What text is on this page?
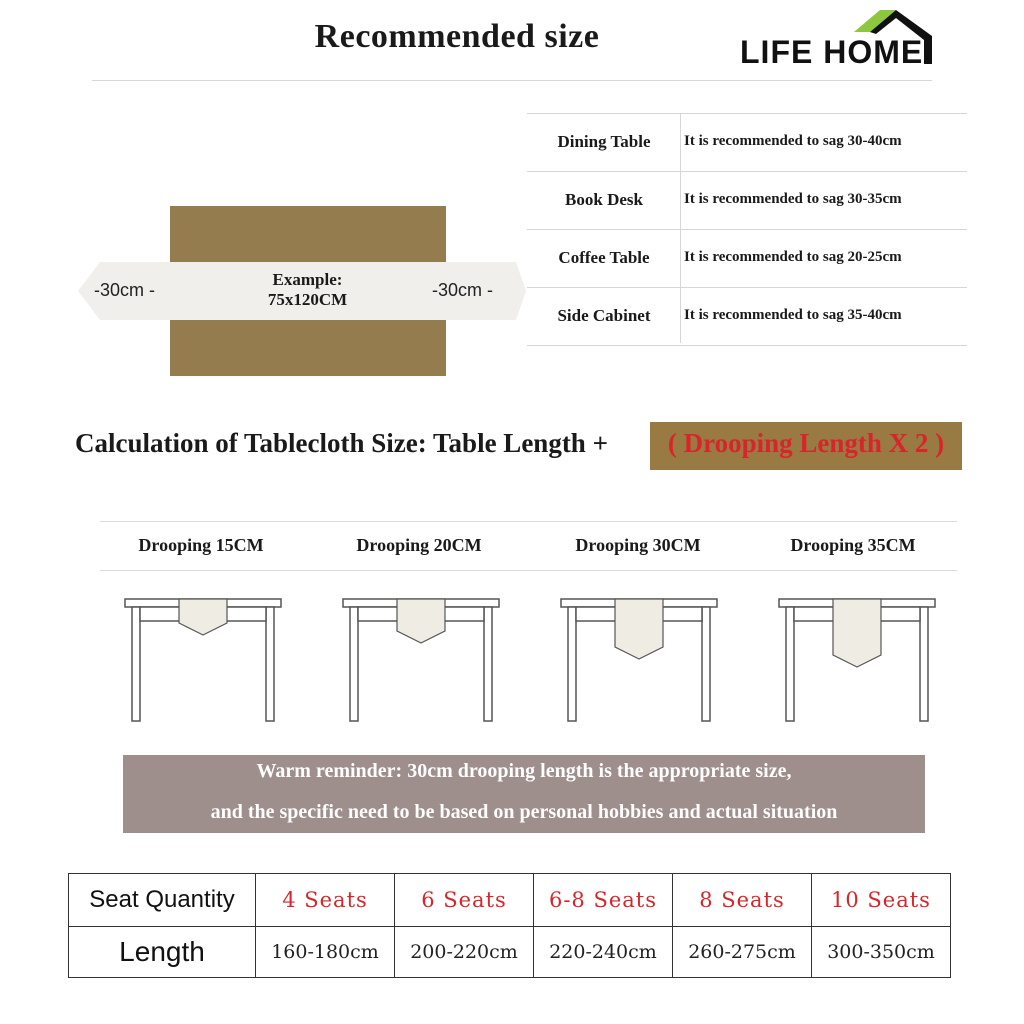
Recommended size	LIFE HOME
Dining Table	It is recommended to sag 30-40cm
Book Desk	It is recommended to sag 30-35cm
Coffee Table	It is recommended to sag 20-25cm
Side Cabinet	It is recommended to sag 35-40cm
-30cm -	-30cm -
Example:
75x120CM
Calculation of Tablecloth Size: Table Length +	( Drooping Length X 2 )
Drooping 15CM	Drooping 20CM	Drooping 30CM	Drooping 35CM
Warm reminder: 30cm drooping length is the appropriate size,
and the specific need to be based on personal hobbies and actual situation
Seat Quantity	4 Seats	6 Seats	6-8 Seats	8 Seats	10 Seats
Length	160-180cm	200-220cm	220-240cm	260-275cm	300-350cm
